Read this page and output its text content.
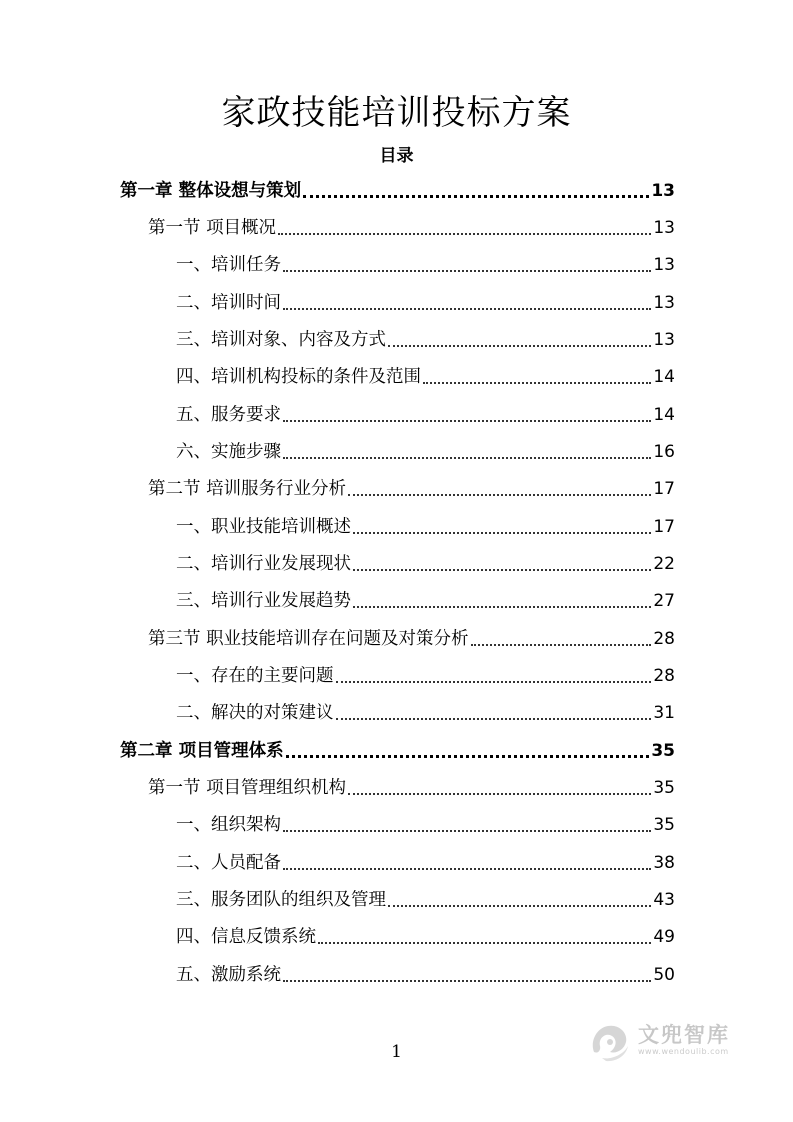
家政技能培训投标方案
目录
第一章 整体设想与策划	13
第一节 项目概况	13
一、培训任务	13
二、培训时间	13
三、培训对象、内容及方式	13
四、培训机构投标的条件及范围	14
五、服务要求	14
六、实施步骤	16
第二节 培训服务行业分析	17
一、职业技能培训概述	17
二、培训行业发展现状	22
三、培训行业发展趋势	27
第三节 职业技能培训存在问题及对策分析	28
一、存在的主要问题	28
二、解决的对策建议	31
第二章 项目管理体系	35
第一节 项目管理组织机构	35
一、组织架构	35
二、人员配备	38
三、服务团队的组织及管理	43
四、信息反馈系统	49
五、激励系统	50
1
文兜智库
www.wendoulib.com
